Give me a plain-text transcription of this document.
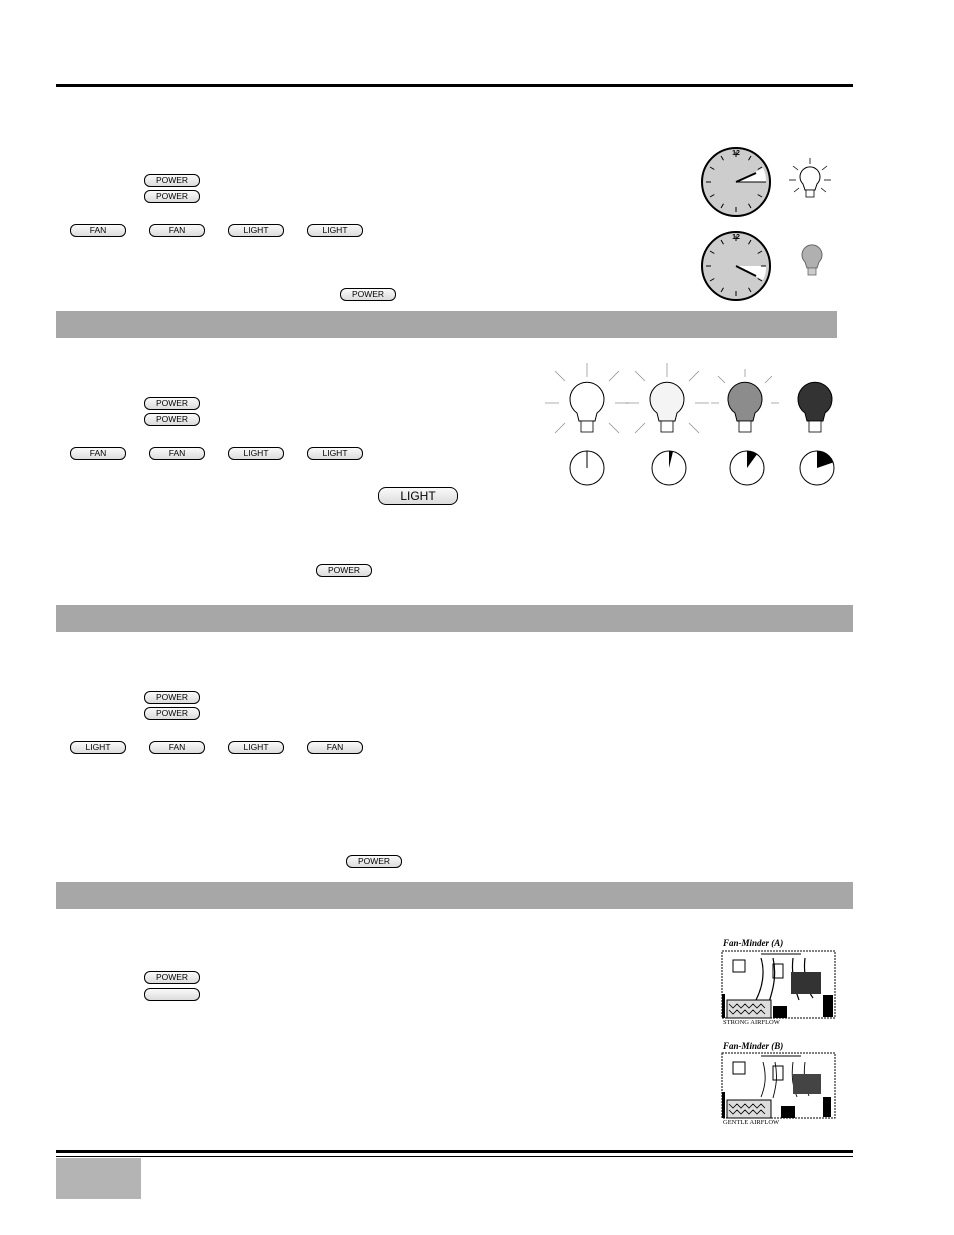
POWER
POWER
FAN	FAN	LIGHT	LIGHT
POWER
12
12
POWER
POWER
FAN	FAN	LIGHT	LIGHT
LIGHT
POWER
POWER
POWER
LIGHT	FAN	LIGHT	FAN
POWER
POWER
Fan-Minder (A)
STRONG AIRFLOW
Fan-Minder (B)
GENTLE AIRFLOW
